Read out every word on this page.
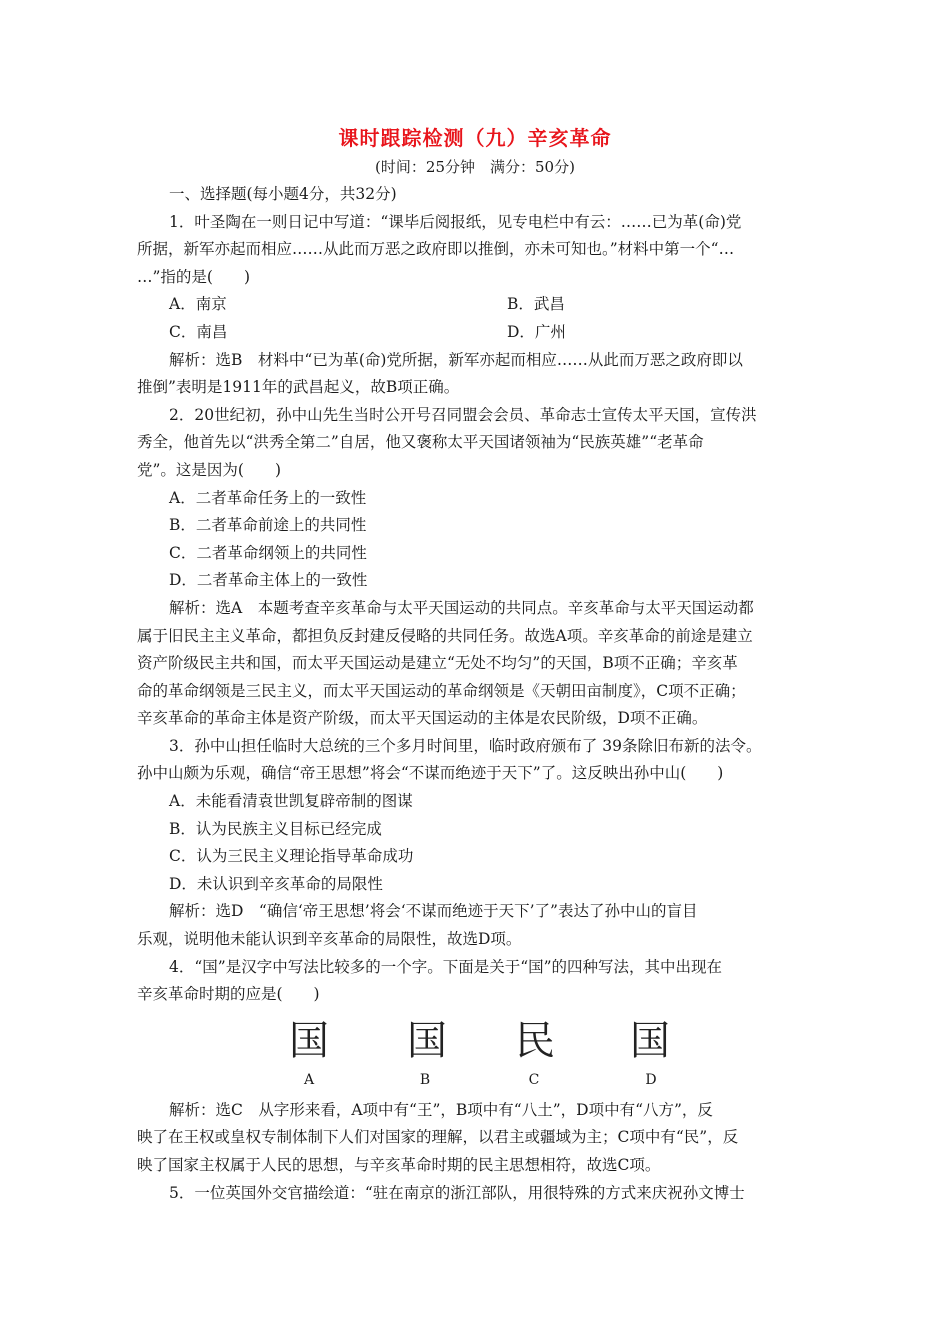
课时跟踪检测（九）辛亥革命
(时间：25分钟　满分：50分)
一、选择题(每小题4分，共32分)
1．叶圣陶在一则日记中写道：“课毕后阅报纸，见专电栏中有云：……已为革(命)党
所据，新军亦起而相应……从此而万恶之政府即以推倒，亦未可知也。”材料中第一个“…
…”指的是(　　)
A．南京	B．武昌
C．南昌	D．广州
解析：选B　材料中“已为革(命)党所据，新军亦起而相应……从此而万恶之政府即以
推倒”表明是1911年的武昌起义，故B项正确。
2．20世纪初，孙中山先生当时公开号召同盟会会员、革命志士宣传太平天国，宣传洪
秀全，他首先以“洪秀全第二”自居，他又褒称太平天国诸领袖为“民族英雄”“老革命
党”。这是因为(　　)
A．二者革命任务上的一致性
B．二者革命前途上的共同性
C．二者革命纲领上的共同性
D．二者革命主体上的一致性
解析：选A　本题考查辛亥革命与太平天国运动的共同点。辛亥革命与太平天国运动都
属于旧民主主义革命，都担负反封建反侵略的共同任务。故选A项。辛亥革命的前途是建立
资产阶级民主共和国，而太平天国运动是建立“无处不均匀”的天国，B项不正确；辛亥革
命的革命纲领是三民主义，而太平天国运动的革命纲领是《天朝田亩制度》，C项不正确；
辛亥革命的革命主体是资产阶级，而太平天国运动的主体是农民阶级，D项不正确。
3．孙中山担任临时大总统的三个多月时间里，临时政府颁布了 39条除旧布新的法令。
孙中山颇为乐观，确信“帝王思想”将会“不谋而绝迹于天下”了。这反映出孙中山(　　)
A．未能看清袁世凯复辟帝制的图谋
B．认为民族主义目标已经完成
C．认为三民主义理论指导革命成功
D．未认识到辛亥革命的局限性
解析：选D　“确信‘帝王思想’将会‘不谋而绝迹于天下’了”表达了孙中山的盲目
乐观，说明他未能认识到辛亥革命的局限性，故选D项。
4．“国”是汉字中写法比较多的一个字。下面是关于“国”的四种写法，其中出现在
辛亥革命时期的应是(　　)
国 国 民 国
A	B	C	D
解析：选C　从字形来看，A项中有“王”，B项中有“八土”，D项中有“八方”，反
映了在王权或皇权专制体制下人们对国家的理解，以君主或疆域为主；C项中有“民”，反
映了国家主权属于人民的思想，与辛亥革命时期的民主思想相符，故选C项。
5．一位英国外交官描绘道：“驻在南京的浙江部队，用很特殊的方式来庆祝孙文博士
